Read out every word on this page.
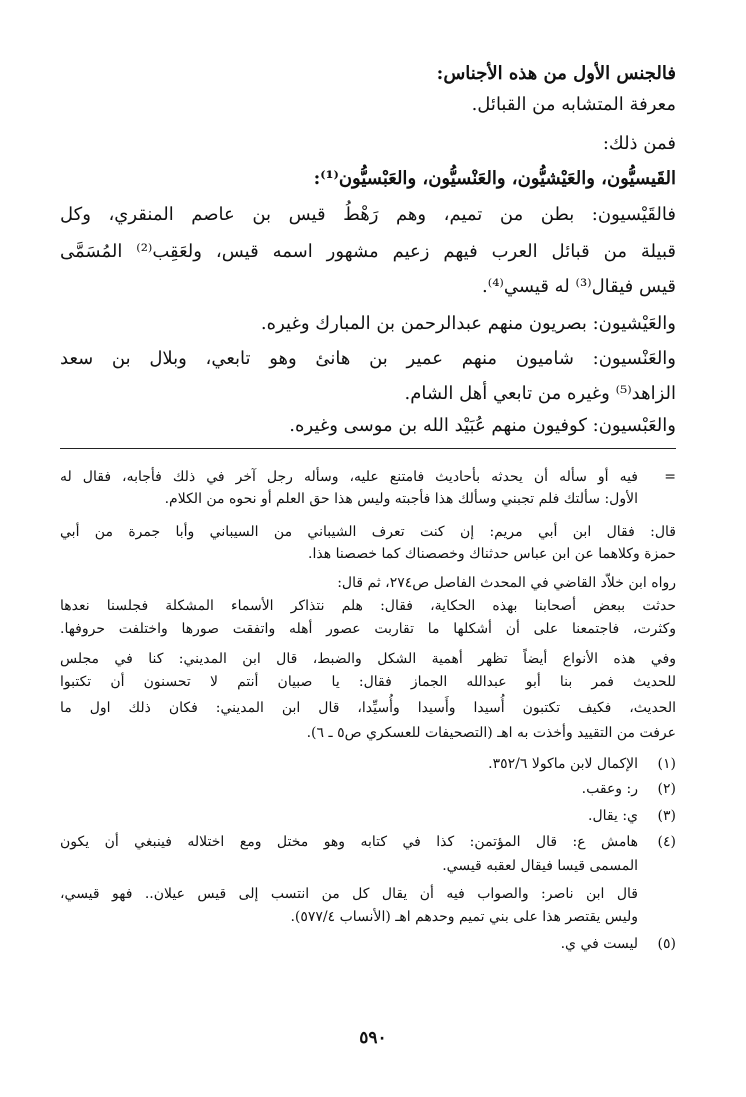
فالجنس الأول من هذه الأجناس:
معرفة المتشابه من القبائل.
فمن ذلك:
القَيسيُّون، والعَيْشيُّون، والعَنْسيُّون، والعَبْسيُّون⁽¹⁾:
فالقَيْسيون: بطن من تميم، وهم رَهْطُ قيس بن عاصم المنقري، وكل
قبيلة من قبائل العرب فيهم زعيم مشهور اسمه قيس، ولعَقِب⁽²⁾ المُسَمَّى
قيس فيقال⁽³⁾ له قيسي⁽⁴⁾.
والعَيْشيون: بصريون منهم عبدالرحمن بن المبارك وغيره.
والعَنْسيون: شاميون منهم عمير بن هانئ وهو تابعي، وبلال بن سعد
الزاهد⁽⁵⁾ وغيره من تابعي أهل الشام.
والعَبْسيون: كوفيون منهم عُبَيْد الله بن موسى وغيره.
=
فيه أو سأله أن يحدثه بأحاديث فامتنع عليه، وسأله رجل آخر في ذلك فأجابه، فقال له
الأول: سألتك فلم تجبني وسألك هذا فأجبته وليس هذا حق العلم أو نحوه من الكلام.
قال: فقال ابن أبي مريم: إن كنت تعرف الشيباني من السيباني وأبا جمرة من أبي
حمزة وكلاهما عن ابن عباس حدثناك وخصصناك كما خصصنا هذا.
رواه ابن خلاّد القاضي في المحدث الفاصل ص٢٧٤، ثم قال:
حدثت ببعض أصحابنا بهذه الحكاية، فقال: هلم نتذاكر الأسماء المشكلة فجلسنا نعدها
وكثرت، فاجتمعنا على أن أشكلها ما تقاربت عصور أهله واتفقت صورها واختلفت حروفها.
وفي هذه الأنواع أيضاً تظهر أهمية الشكل والضبط، قال ابن المديني: كنا في مجلس
للحديث فمر بنا أبو عبدالله الجماز فقال: يا صبيان أنتم لا تحسنون أن تكتبوا
الحديث، فكيف تكتبون أُسيدا وأَسيدا وأُسيِّدا، قال ابن المديني: فكان ذلك اول ما
عرفت من التقييد وأخذت به اهـ (التصحيفات للعسكري ص٥ ـ ٦).
(١)
الإكمال لابن ماكولا ٣٥٢/٦.
(٢)
ر: وعقب.
(٣)
ي: يقال.
(٤)
هامش ع: قال المؤتمن: كذا في كتابه وهو مختل ومع اختلاله فينبغي أن يكون
المسمى قيسا فيقال لعقبه قيسي.
قال ابن ناصر: والصواب فيه أن يقال كل من انتسب إلى قيس عيلان.. فهو قيسي،
وليس يقتصر هذا على بني تميم وحدهم اهـ (الأنساب ٥٧٧/٤).
(٥)
ليست في ي.
٥٩٠
